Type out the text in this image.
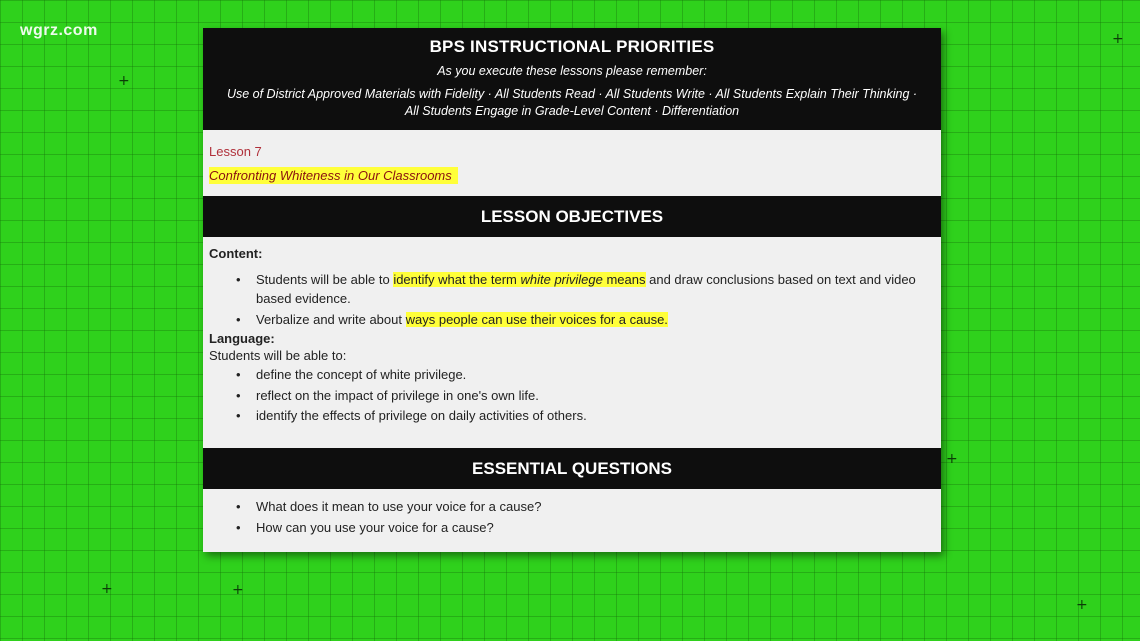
wgrz.com
+
+
+
+	+
+
BPS INSTRUCTIONAL PRIORITIES
As you execute these lessons please remember:
Use of District Approved Materials with Fidelity · All Students Read · All Students Write · All Students Explain Their Thinking ·
All Students Engage in Grade-Level Content · Differentiation
Lesson 7
Confronting Whiteness in Our Classrooms
LESSON OBJECTIVES
Content:
• Students will be able to identify what the term white privilege means and draw conclusions based on text and video based evidence.
• Verbalize and write about ways people can use their voices for a cause.
Language:
Students will be able to:
• define the concept of white privilege.
• reflect on the impact of privilege in one's own life.
• identify the effects of privilege on daily activities of others.
ESSENTIAL QUESTIONS
• What does it mean to use your voice for a cause?
• How can you use your voice for a cause?
